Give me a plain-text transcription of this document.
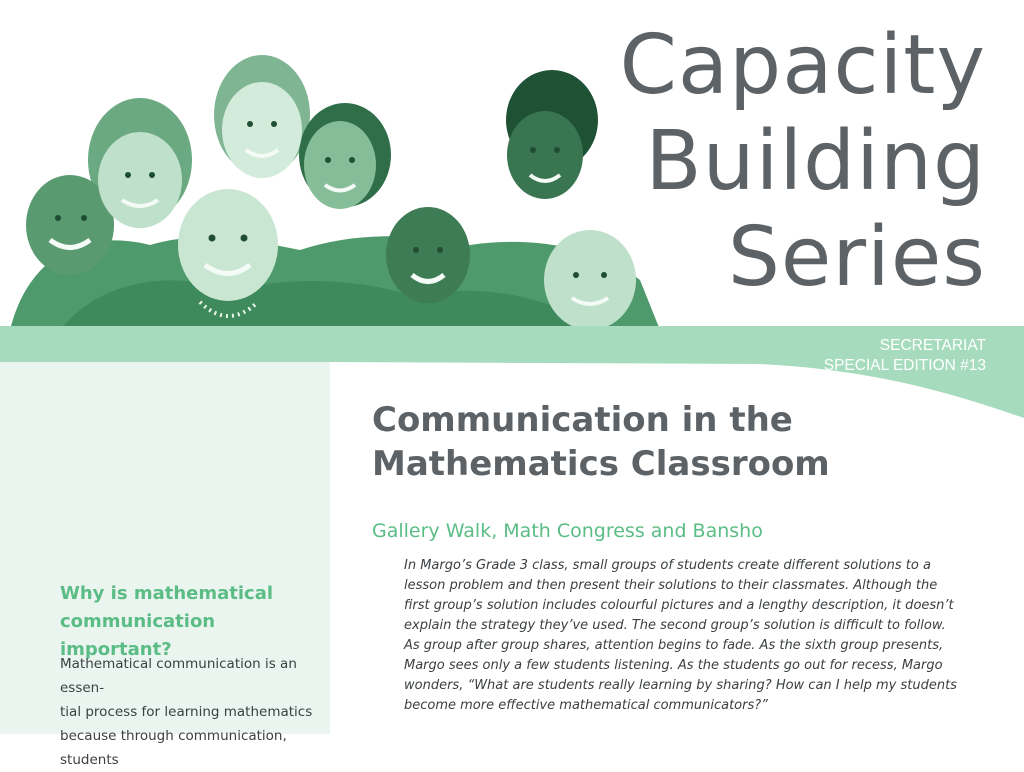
Capacity
Building
Series
SECRETARIAT
SPECIAL EDITION #13
Why is mathematical
communication important?
Mathematical communication is an essen-
tial process for learning mathematics
because through communication, students
Communication in the
Mathematics Classroom
Gallery Walk, Math Congress and Bansho
In Margo’s Grade 3 class, small groups of students create different solutions to a
lesson problem and then present their solutions to their classmates. Although the
first group’s solution includes colourful pictures and a lengthy description, it doesn’t
explain the strategy they’ve used. The second group’s solution is difficult to follow.
As group after group shares, attention begins to fade. As the sixth group presents,
Margo sees only a few students listening. As the students go out for recess, Margo
wonders, “What are students really learning by sharing? How can I help my students
become more effective mathematical communicators?”
